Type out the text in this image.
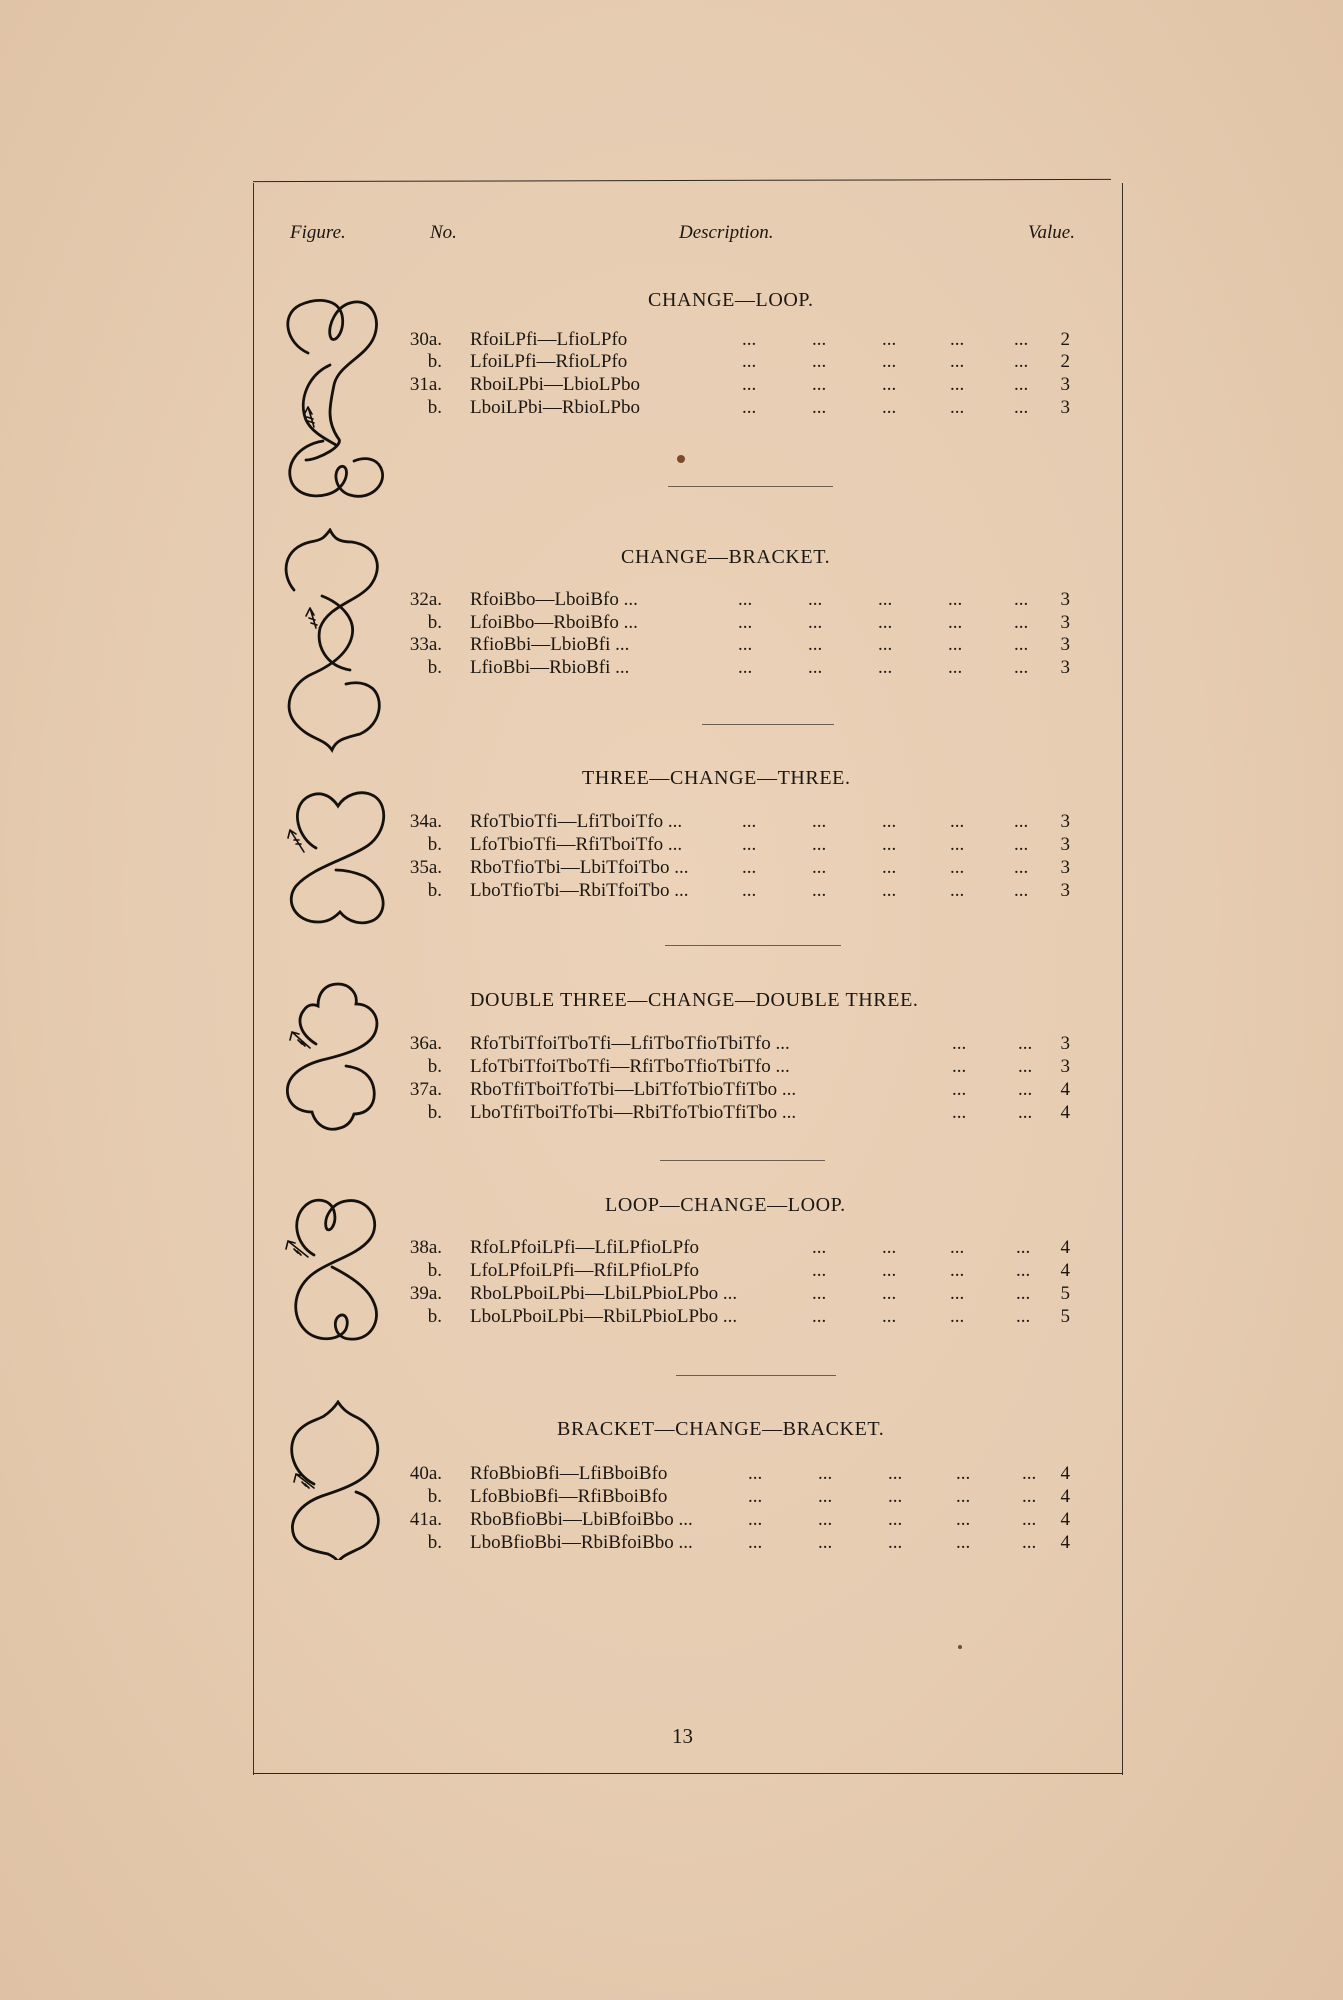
Figure.	No.	Description.	Value.
CHANGE—LOOP.
CHANGE—BRACKET.
THREE—CHANGE—THREE.
DOUBLE THREE—CHANGE—DOUBLE THREE.
LOOP—CHANGE—LOOP.
BRACKET—CHANGE—BRACKET.
30a. RfoiLPfi—LfioLPfo	...	...	...	...	... 2
b. LfoiLPfi—RfioLPfo	...	...	...	...	... 2
31a. RboiLPbi—LbioLPbo	...	...	...	...	... 3
b. LboiLPbi—RbioLPbo	...	...	...	...	... 3
32a. RfoiBbo—LboiBfo ...	...	...	...	...	... 3
b. LfoiBbo—RboiBfo ...	...	...	...	...	... 3
33a. RfioBbi—LbioBfi ...	...	...	...	...	... 3
b. LfioBbi—RbioBfi ...	...	...	...	...	... 3
34a. RfoTbioTfi—LfiTboiTfo ...	...	...	...	...	... 3
b. LfoTbioTfi—RfiTboiTfo ...	...	...	...	...	... 3
35a. RboTfioTbi—LbiTfoiTbo ...	...	...	...	...	... 3
b. LboTfioTbi—RbiTfoiTbo ...	...	...	...	...	... 3
36a. RfoTbiTfoiTboTfi—LfiTboTfioTbiTfo ...	...	... 3
b. LfoTbiTfoiTboTfi—RfiTboTfioTbiTfo ...	...	... 3
37a. RboTfiTboiTfoTbi—LbiTfoTbioTfiTbo ...	...	... 4
b. LboTfiTboiTfoTbi—RbiTfoTbioTfiTbo ...	...	... 4
38a. RfoLPfoiLPfi—LfiLPfioLPfo	...	...	...	... 4
b. LfoLPfoiLPfi—RfiLPfioLPfo	...	...	...	... 4
39a. RboLPboiLPbi—LbiLPbioLPbo ...	...	...	...	... 5
b. LboLPboiLPbi—RbiLPbioLPbo ...	...	...	...	... 5
40a. RfoBbioBfi—LfiBboiBfo	...	...	...	...	... 4
b. LfoBbioBfi—RfiBboiBfo	...	...	...	...	... 4
41a. RboBfioBbi—LbiBfoiBbo ...	...	...	...	...	... 4
b. LboBfioBbi—RbiBfoiBbo ...	...	...	...	...	... 4
13
